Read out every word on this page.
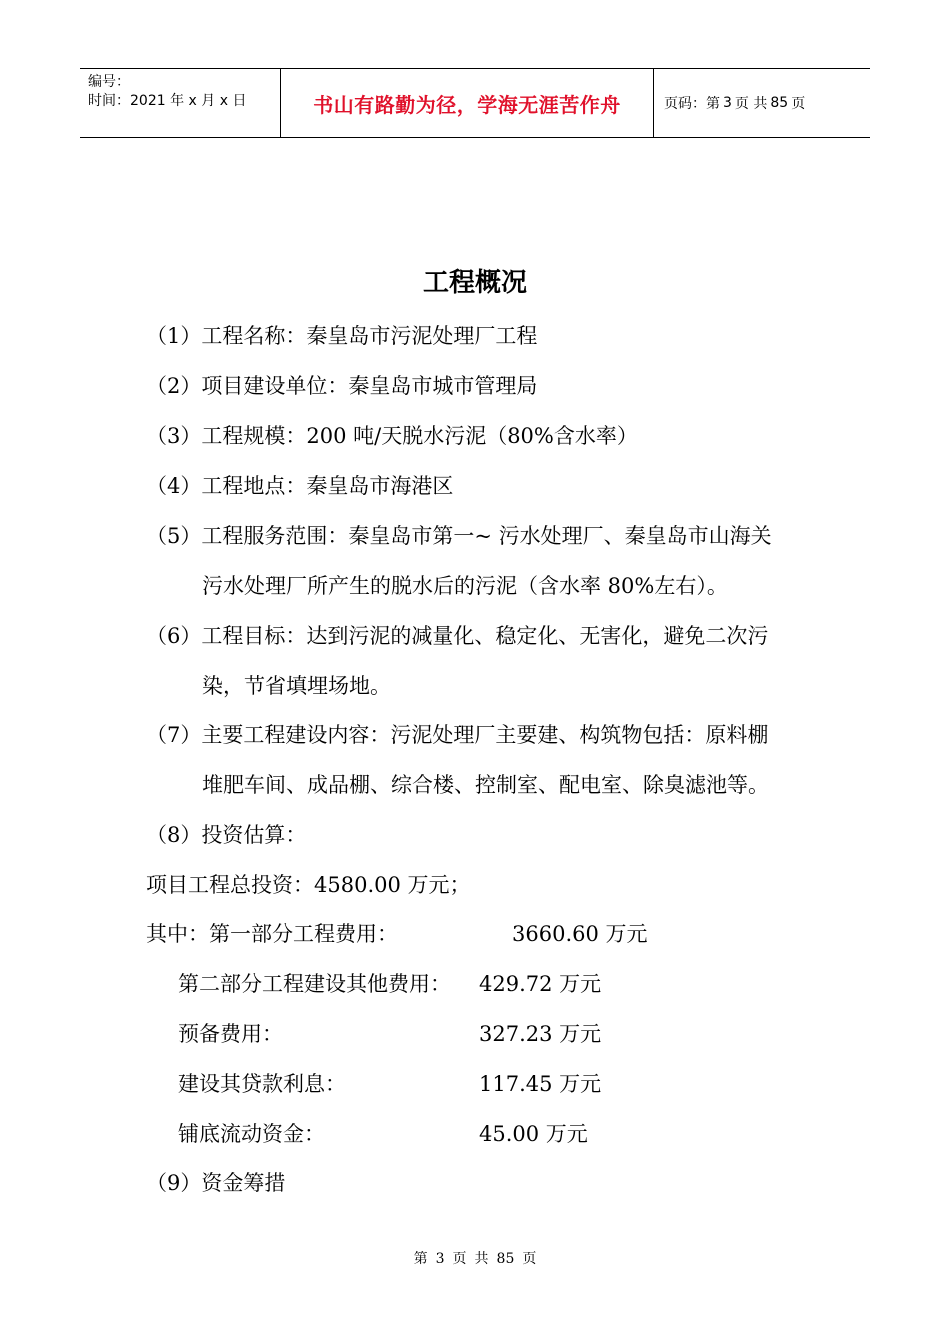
编号：
时间：2021 年 x 月 x 日	书山有路勤为径，学海无涯苦作舟	页码：第 3 页 共 85 页
工程概况
（1）工程名称：秦皇岛市污泥处理厂工程
（2）项目建设单位：秦皇岛市城市管理局
（3）工程规模：200 吨/天脱水污泥（80%含水率）
（4）工程地点：秦皇岛市海港区
（5）工程服务范围：秦皇岛市第一~ 污水处理厂、秦皇岛市山海关
污水处理厂所产生的脱水后的污泥（含水率 80%左右）。
（6）工程目标：达到污泥的减量化、稳定化、无害化，避免二次污
染，节省填埋场地。
（7）主要工程建设内容：污泥处理厂主要建、构筑物包括：原料棚
堆肥车间、成品棚、综合楼、控制室、配电室、除臭滤池等。
（8）投资估算：
项目工程总投资：4580.00 万元；
其中：第一部分工程费用：	3660.60 万元
第二部分工程建设其他费用： 429.72 万元
预备费用：	327.23 万元
建设其贷款利息：	117.45 万元
铺底流动资金：	45.00 万元
（9）资金筹措
第 3 页 共 85 页
